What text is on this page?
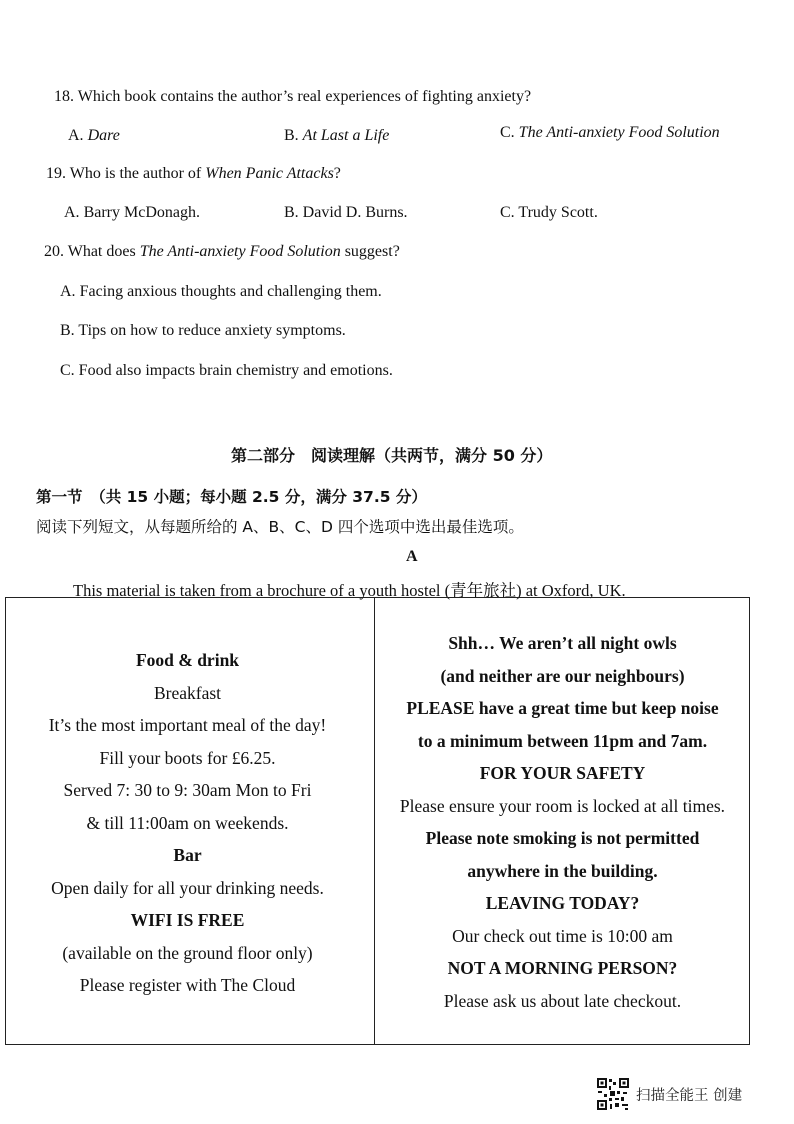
18. Which book contains the author’s real experiences of fighting anxiety?
A. Dare	B. At Last a Life	C. The Anti-anxiety Food Solution
19. Who is the author of When Panic Attacks?
A. Barry McDonagh.	B. David D. Burns.	C. Trudy Scott.
20. What does The Anti-anxiety Food Solution suggest?
A. Facing anxious thoughts and challenging them.
B. Tips on how to reduce anxiety symptoms.
C. Food also impacts brain chemistry and emotions.
第二部分　阅读理解（共两节，满分 50 分）
第一节　（共 15 小题；每小题 2.5 分，满分 37.5 分）
阅读下列短文，从每题所给的 A、B、C、D 四个选项中选出最佳选项。
A
This material is taken from a brochure of a youth hostel (青年旅社) at Oxford, UK.
Food & drink
Breakfast
It’s the most important meal of the day!
Fill your boots for £6.25.
Served 7: 30 to 9: 30am Mon to Fri
& till 11:00am on weekends.
Bar
Open daily for all your drinking needs.
WIFI IS FREE
(available on the ground floor only)
Please register with The Cloud
Shh… We aren’t all night owls
(and neither are our neighbours)
PLEASE have a great time but keep noise
to a minimum between 11pm and 7am.
FOR YOUR SAFETY
Please ensure your room is locked at all times.
Please note smoking is not permitted
anywhere in the building.
LEAVING TODAY?
Our check out time is 10:00 am
NOT A MORNING PERSON?
Please ask us about late checkout.
扫描全能王 创建
